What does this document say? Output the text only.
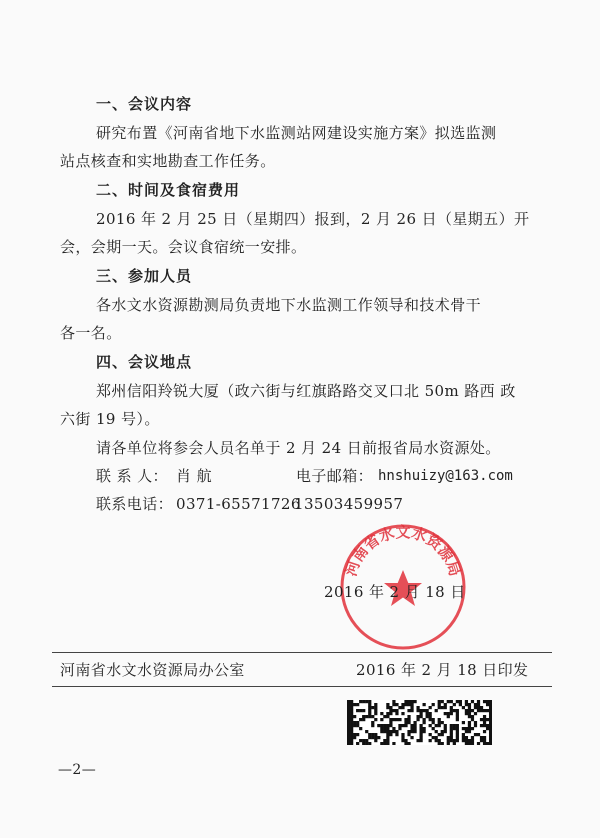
一、会议内容
研究布置《河南省地下水监测站网建设实施方案》拟选监测
站点核查和实地勘查工作任务。
二、时间及食宿费用
2016 年 2 月 25 日（星期四）报到，2 月 26 日（星期五）开
会，会期一天。会议食宿统一安排。
三、参加人员
各水文水资源勘测局负责地下水监测工作领导和技术骨干
各一名。
四、会议地点
郑州信阳羚锐大厦（政六街与红旗路路交叉口北 50m 路西 政
六街 19 号）。
请各单位将参会人员名单于 2 月 24 日前报省局水资源处。
联 系 人： 肖 航	电子邮箱： hnshuizy@163.com
联系电话： 0371-65571726
13503459957
2016 年 2 月 18 日
河南省水文水资源局
河南省水文水资源局办公室	2016 年 2 月 18 日印发
—2—
